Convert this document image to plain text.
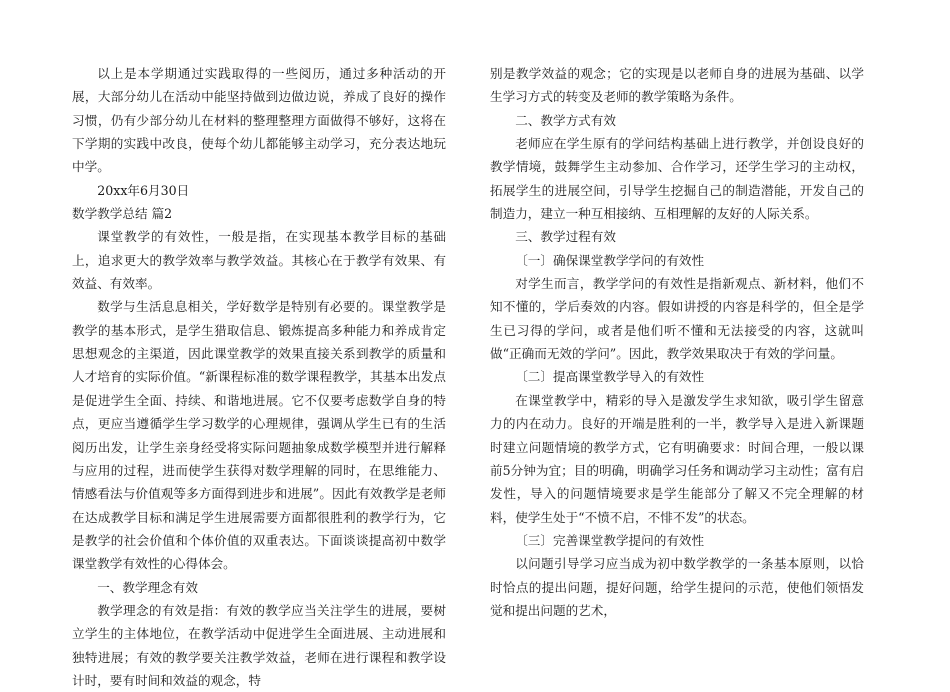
以上是本学期通过实践取得的一些阅历，通过多种活动的开展，大部分幼儿在活动中能坚持做到边做边说，养成了良好的操作习惯，仍有少部分幼儿在材料的整理整理方面做得不够好，这将在下学期的实践中改良，使每个幼儿都能够主动学习，充分表达地玩中学。

20xx年6月30日

数学教学总结 篇2

课堂教学的有效性，一般是指，在实现基本教学目标的基础上，追求更大的教学效率与教学效益。其核心在于教学有效果、有效益、有效率。

数学与生活息息相关，学好数学是特别有必要的。课堂教学是教学的基本形式，是学生猎取信息、锻炼提高多种能力和养成肯定思想观念的主渠道，因此课堂教学的效果直接关系到教学的质量和人才培育的实际价值。“新课程标准的数学课程教学，其基本出发点是促进学生全面、持续、和谐地进展。它不仅要考虑数学自身的特点，更应当遵循学生学习数学的心理规律，强调从学生已有的生活阅历出发，让学生亲身经受将实际问题抽象成数学模型并进行解释与应用的过程，进而使学生获得对数学理解的同时，在思维能力、情感看法与价值观等多方面得到进步和进展”。因此有效教学是老师在达成教学目标和满足学生进展需要方面都很胜利的教学行为，它是教学的社会价值和个体价值的双重表达。下面谈谈提高初中数学课堂教学有效性的心得体会。

一、教学理念有效

教学理念的有效是指：有效的教学应当关注学生的进展，要树立学生的主体地位，在教学活动中促进学生全面进展、主动进展和独特进展；有效的教学要关注教学效益，老师在进行课程和教学设计时，要有时间和效益的观念，特

别是教学效益的观念；它的实现是以老师自身的进展为基础、以学生学习方式的转变及老师的教学策略为条件。

二、教学方式有效

老师应在学生原有的学问结构基础上进行教学，并创设良好的教学情境，鼓舞学生主动参加、合作学习，还学生学习的主动权，拓展学生的进展空间，引导学生挖掘自己的制造潜能，开发自己的制造力，建立一种互相接纳、互相理解的友好的人际关系。

三、教学过程有效

〔一〕确保课堂教学学问的有效性

对学生而言，教学学问的有效性是指新观点、新材料，他们不知不懂的，学后奏效的内容。假如讲授的内容是科学的，但全是学生已习得的学问，或者是他们听不懂和无法接受的内容，这就叫做“正确而无效的学问”。因此，教学效果取决于有效的学问量。

〔二〕提高课堂教学导入的有效性

在课堂教学中，精彩的导入是激发学生求知欲，吸引学生留意力的内在动力。良好的开端是胜利的一半，教学导入是进入新课题时建立问题情境的教学方式，它有明确要求：时间合理，一般以课前5分钟为宜；目的明确，明确学习任务和调动学习主动性；富有启发性，导入的问题情境要求是学生能部分了解又不完全理解的材料，使学生处于“不愤不启，不悱不发”的状态。

〔三〕完善课堂教学提问的有效性

以问题引导学习应当成为初中数学教学的一条基本原则，以恰时恰点的提出问题，提好问题，给学生提问的示范，使他们领悟发觉和提出问题的艺术，
